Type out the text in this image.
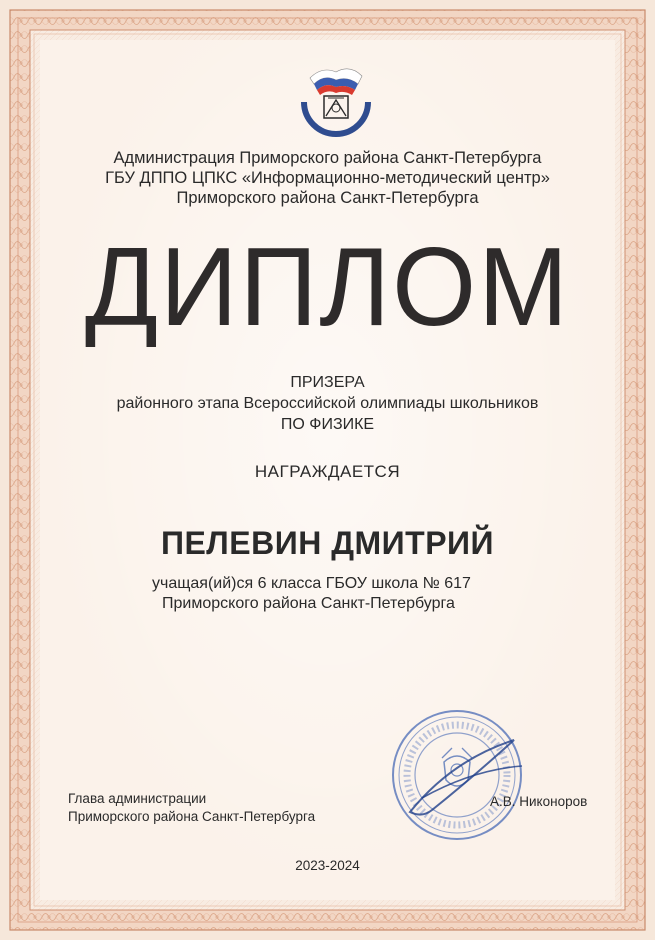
Администрация Приморского района Санкт-Петербурга
ГБУ ДППО ЦПКС «Информационно-методический центр»
Приморского района Санкт-Петербурга
ДИПЛОМ
ПРИЗЕРА
районного этапа Всероссийской олимпиады школьников
ПО ФИЗИКЕ
НАГРАЖДАЕТСЯ
ПЕЛЕВИН ДМИТРИЙ
учащая(ий)ся 6 класса ГБОУ школа № 617
Приморского района Санкт-Петербурга
Глава администрации
Приморского района Санкт-Петербурга
А.В. Никоноров
2023-2024
